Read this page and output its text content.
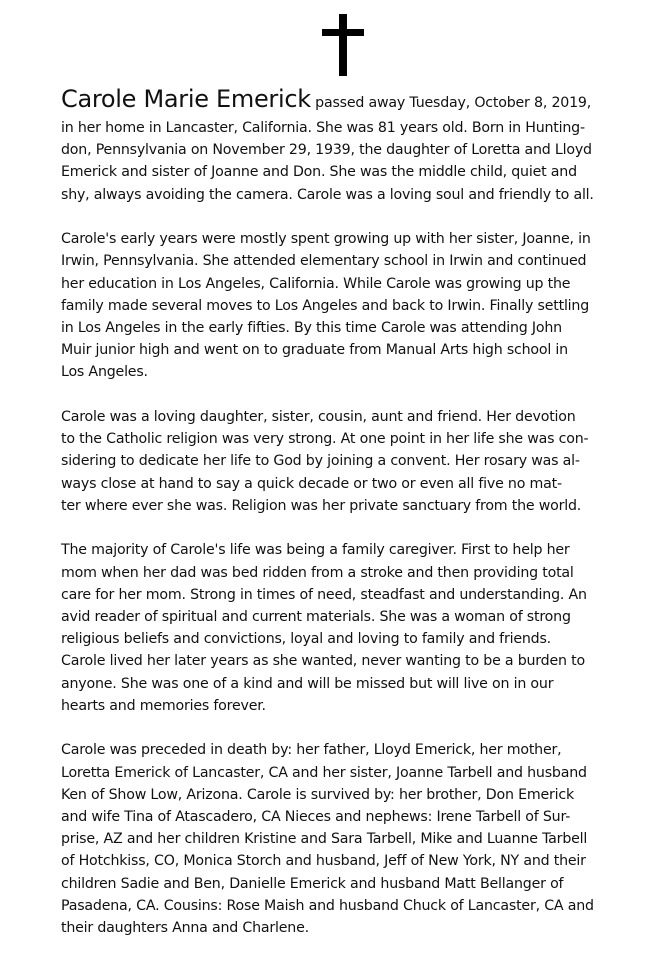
Carole Marie Emerick passed away Tuesday, October 8, 2019,
in her home in Lancaster, California. She was 81 years old. Born in Hunting-
don, Pennsylvania on November 29, 1939, the daughter of Loretta and Lloyd
Emerick and sister of Joanne and Don. She was the middle child, quiet and
shy, always avoiding the camera. Carole was a loving soul and friendly to all.

Carole's early years were mostly spent growing up with her sister, Joanne, in
Irwin, Pennsylvania. She attended elementary school in Irwin and continued
her education in Los Angeles, California. While Carole was growing up the
family made several moves to Los Angeles and back to Irwin. Finally settling
in Los Angeles in the early fifties. By this time Carole was attending John
Muir junior high and went on to graduate from Manual Arts high school in
Los Angeles.

Carole was a loving daughter, sister, cousin, aunt and friend. Her devotion
to the Catholic religion was very strong. At one point in her life she was con-
sidering to dedicate her life to God by joining a convent. Her rosary was al-
ways close at hand to say a quick decade or two or even all five no mat-
ter where ever she was. Religion was her private sanctuary from the world.

The majority of Carole's life was being a family caregiver. First to help her
mom when her dad was bed ridden from a stroke and then providing total
care for her mom. Strong in times of need, steadfast and understanding. An
avid reader of spiritual and current materials. She was a woman of strong
religious beliefs and convictions, loyal and loving to family and friends.
Carole lived her later years as she wanted, never wanting to be a burden to
anyone. She was one of a kind and will be missed but will live on in our
hearts and memories forever.

Carole was preceded in death by: her father, Lloyd Emerick, her mother,
Loretta Emerick of Lancaster, CA and her sister, Joanne Tarbell and husband
Ken of Show Low, Arizona. Carole is survived by: her brother, Don Emerick
and wife Tina of Atascadero, CA Nieces and nephews: Irene Tarbell of Sur-
prise, AZ and her children Kristine and Sara Tarbell, Mike and Luanne Tarbell
of Hotchkiss, CO, Monica Storch and husband, Jeff of New York, NY and their
children Sadie and Ben, Danielle Emerick and husband Matt Bellanger of
Pasadena, CA. Cousins: Rose Maish and husband Chuck of Lancaster, CA and
their daughters Anna and Charlene.
